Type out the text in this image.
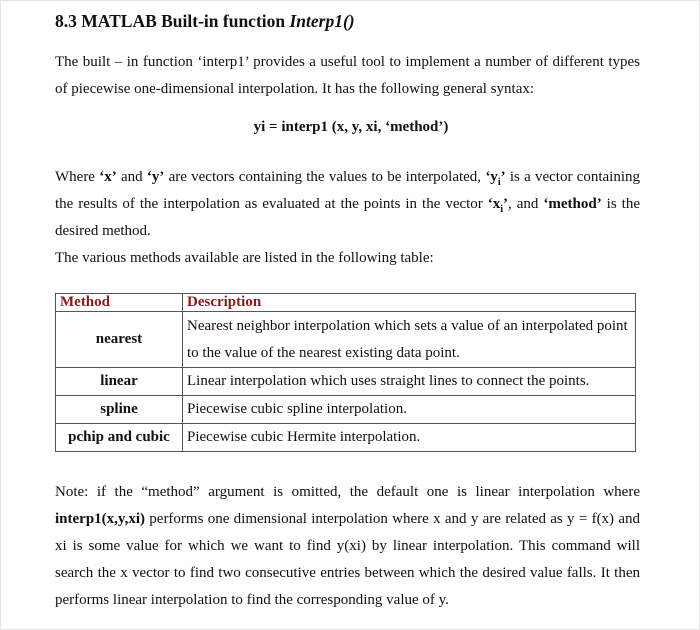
8.3 MATLAB Built-in function Interp1()
The built – in function ‘interp1’ provides a useful tool to implement a number of different types of piecewise one-dimensional interpolation. It has the following general syntax:
yi = interp1 (x, y, xi, ‘method’)
Where ‘x’ and ‘y’ are vectors containing the values to be interpolated, ‘$y_i$’ is a vector containing the results of the interpolation as evaluated at the points in the vector ‘$x_i$’, and ‘method’ is the desired method.
The various methods available are listed in the following table:
Method	Description
nearest	Nearest neighbor interpolation which sets a value of an interpolated point to the value of the nearest existing data point.
linear	Linear interpolation which uses straight lines to connect the points.
spline	Piecewise cubic spline interpolation.
pchip and cubic	Piecewise cubic Hermite interpolation.
Note: if the “method” argument is omitted, the default one is linear interpolation where interp1(x,y,xi) performs one dimensional interpolation where x and y are related as y = f(x) and xi is some value for which we want to find y(xi) by linear interpolation. This command will search the x vector to find two consecutive entries between which the desired value falls. It then performs linear interpolation to find the corresponding value of y.
